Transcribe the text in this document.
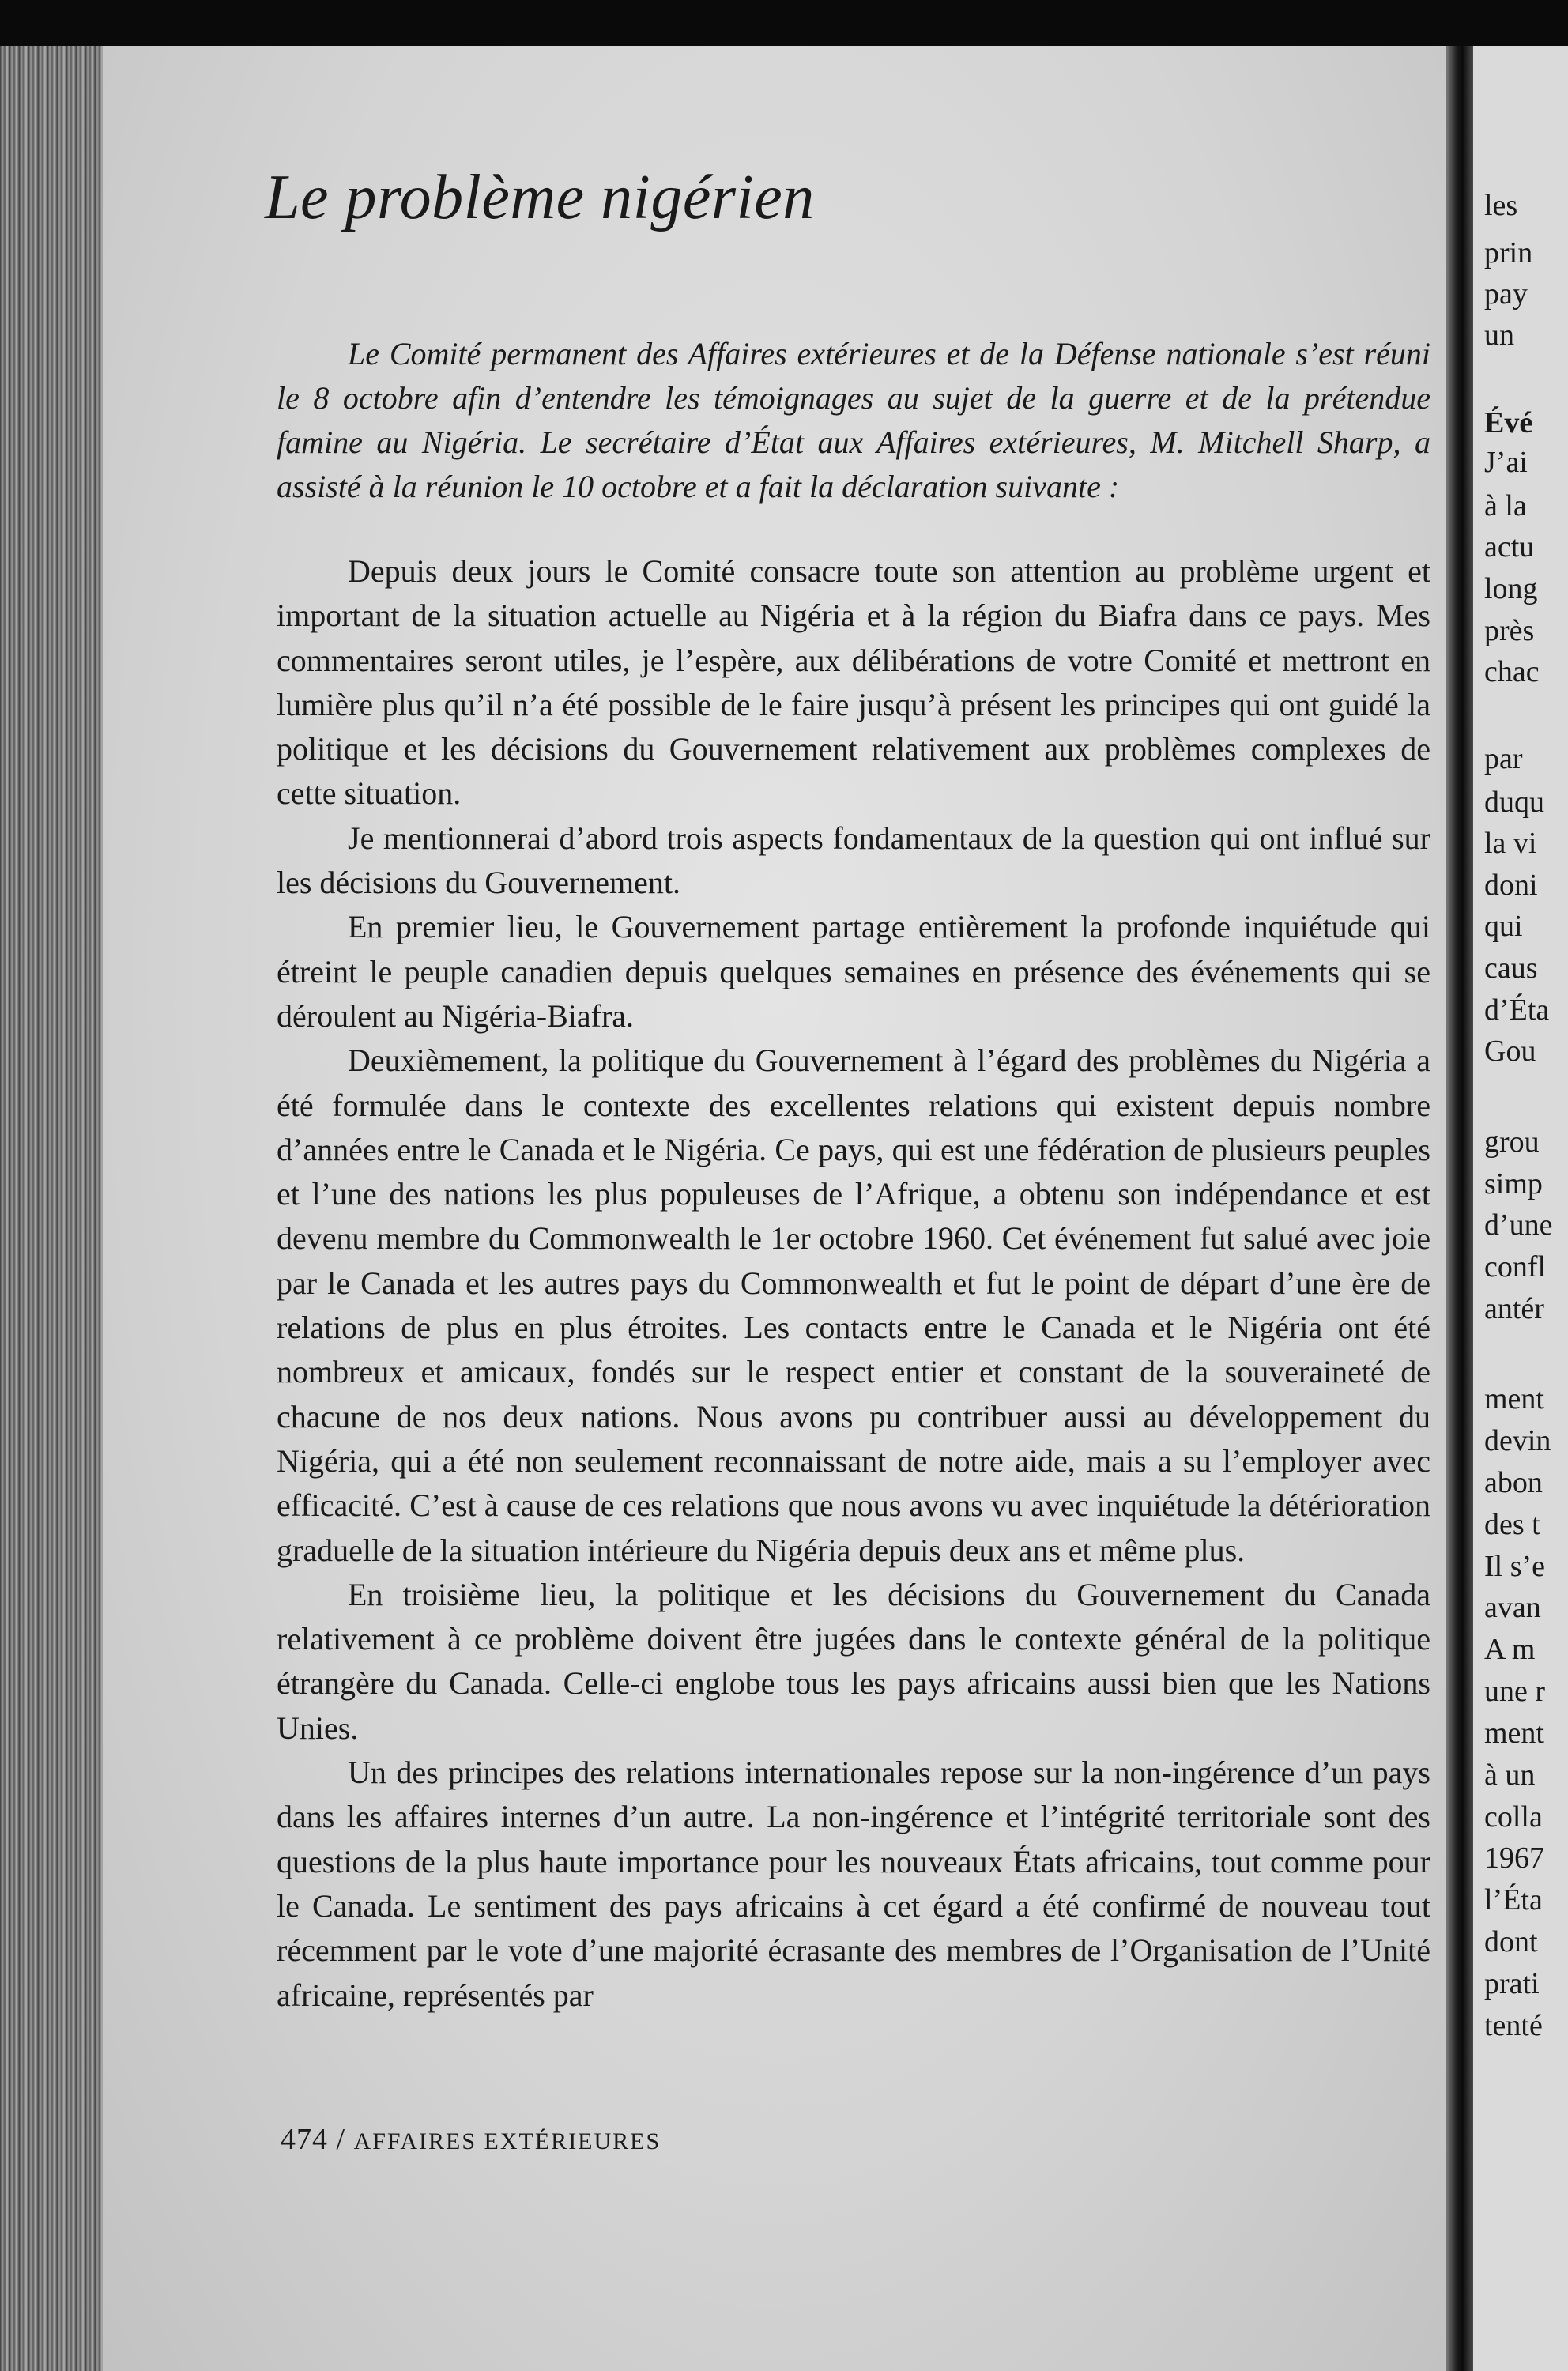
Le problème nigérien

Le Comité permanent des Affaires extérieures et de la Défense nationale s’est réuni le 8 octobre afin d’entendre les témoignages au sujet de la guerre et de la prétendue famine au Nigéria. Le secrétaire d’État aux Affaires extérieures, M. Mitchell Sharp, a assisté à la réunion le 10 octobre et a fait la déclaration suivante :

Depuis deux jours le Comité consacre toute son attention au problème urgent et important de la situation actuelle au Nigéria et à la région du Biafra dans ce pays. Mes commentaires seront utiles, je l’espère, aux délibérations de votre Comité et mettront en lumière plus qu’il n’a été possible de le faire jusqu’à présent les principes qui ont guidé la politique et les décisions du Gouvernement relativement aux problèmes complexes de cette situation.

Je mentionnerai d’abord trois aspects fondamentaux de la question qui ont influé sur les décisions du Gouvernement.

En premier lieu, le Gouvernement partage entièrement la profonde inquiétude qui étreint le peuple canadien depuis quelques semaines en présence des événements qui se déroulent au Nigéria-Biafra.

Deuxièmement, la politique du Gouvernement à l’égard des problèmes du Nigéria a été formulée dans le contexte des excellentes relations qui existent depuis nombre d’années entre le Canada et le Nigéria. Ce pays, qui est une fédération de plusieurs peuples et l’une des nations les plus populeuses de l’Afrique, a obtenu son indépendance et est devenu membre du Commonwealth le 1er octobre 1960. Cet événement fut salué avec joie par le Canada et les autres pays du Commonwealth et fut le point de départ d’une ère de relations de plus en plus étroites. Les contacts entre le Canada et le Nigéria ont été nombreux et amicaux, fondés sur le respect entier et constant de la souveraineté de chacune de nos deux nations. Nous avons pu contribuer aussi au développement du Nigéria, qui a été non seulement reconnaissant de notre aide, mais a su l’employer avec efficacité. C’est à cause de ces relations que nous avons vu avec inquiétude la détérioration graduelle de la situation intérieure du Nigéria depuis deux ans et même plus.

En troisième lieu, la politique et les décisions du Gouvernement du Canada relativement à ce problème doivent être jugées dans le contexte général de la politique étrangère du Canada. Celle-ci englobe tous les pays africains aussi bien que les Nations Unies.

Un des principes des relations internationales repose sur la non-ingérence d’un pays dans les affaires internes d’un autre. La non-ingérence et l’intégrité territoriale sont des questions de la plus haute importance pour les nouveaux États africains, tout comme pour le Canada. Le sentiment des pays africains à cet égard a été confirmé de nouveau tout récemment par le vote d’une majorité écrasante des membres de l’Organisation de l’Unité africaine, représentés par

474 / AFFAIRES EXTÉRIEURES

les

prin

pay

un

Évé

J’ai

à la

actu

long

près

chac

par

duqu

la vi

doni

qui

caus

d’Éta

Gou

grou

simp

d’une

confl

antér

ment

devin

abon

des t

Il s’e

avan

A m

une r

ment

à un

colla

1967

l’Éta

dont

prati

tenté
